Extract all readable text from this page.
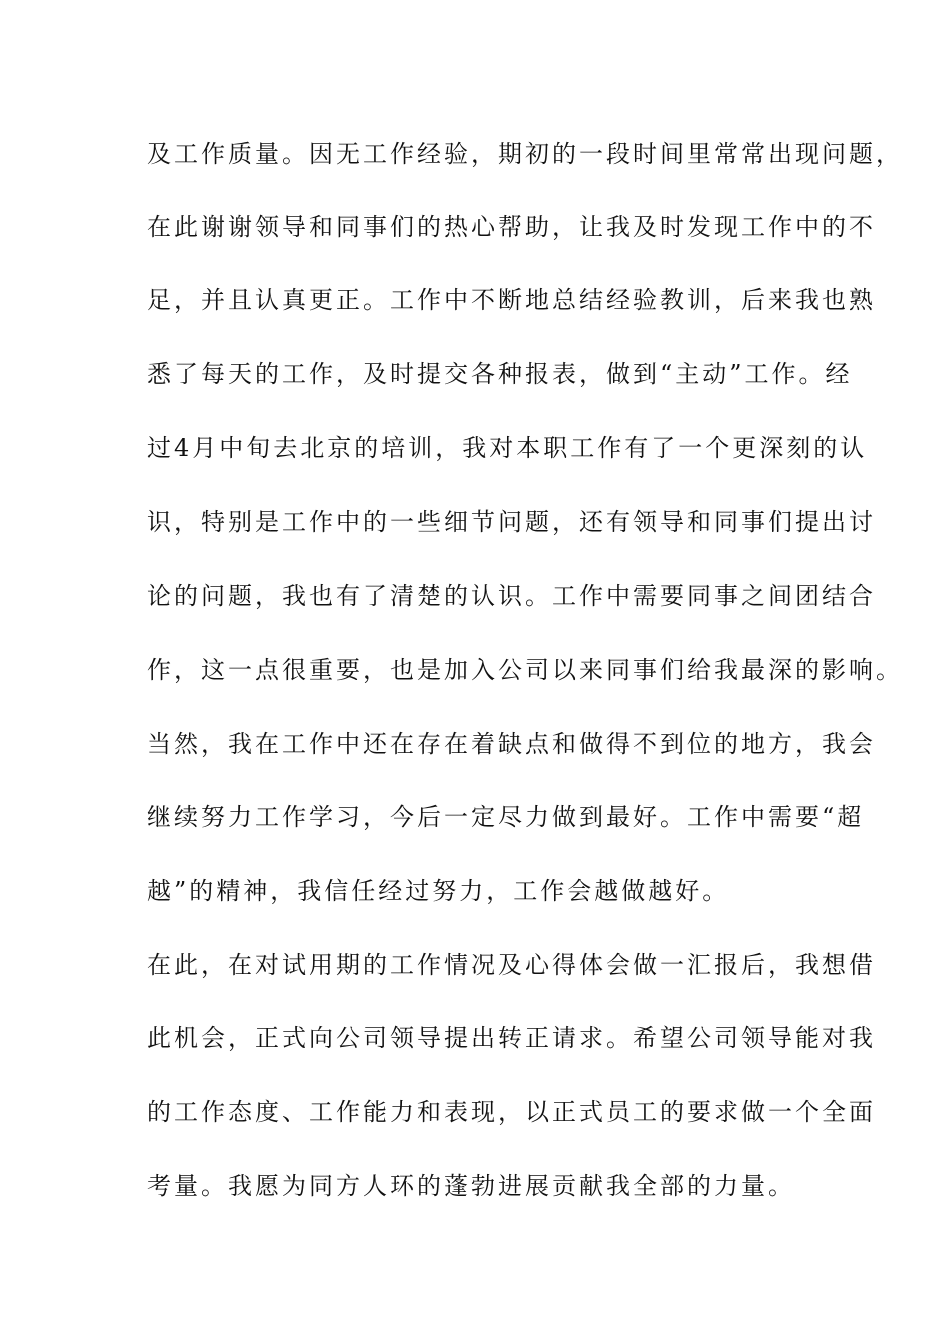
及工作质量。因无工作经验，期初的一段时间里常常出现问题，
在此谢谢领导和同事们的热心帮助，让我及时发现工作中的不
足，并且认真更正。工作中不断地总结经验教训，后来我也熟
悉了每天的工作，及时提交各种报表，做到“主动”工作。经
过4月中旬去北京的培训，我对本职工作有了一个更深刻的认
识，特别是工作中的一些细节问题，还有领导和同事们提出讨
论的问题，我也有了清楚的认识。工作中需要同事之间团结合
作，这一点很重要，也是加入公司以来同事们给我最深的影响。
当然，我在工作中还在存在着缺点和做得不到位的地方，我会
继续努力工作学习，今后一定尽力做到最好。工作中需要“超
越”的精神，我信任经过努力，工作会越做越好。
在此，在对试用期的工作情况及心得体会做一汇报后，我想借
此机会，正式向公司领导提出转正请求。希望公司领导能对我
的工作态度、工作能力和表现，以正式员工的要求做一个全面
考量。我愿为同方人环的蓬勃进展贡献我全部的力量。
